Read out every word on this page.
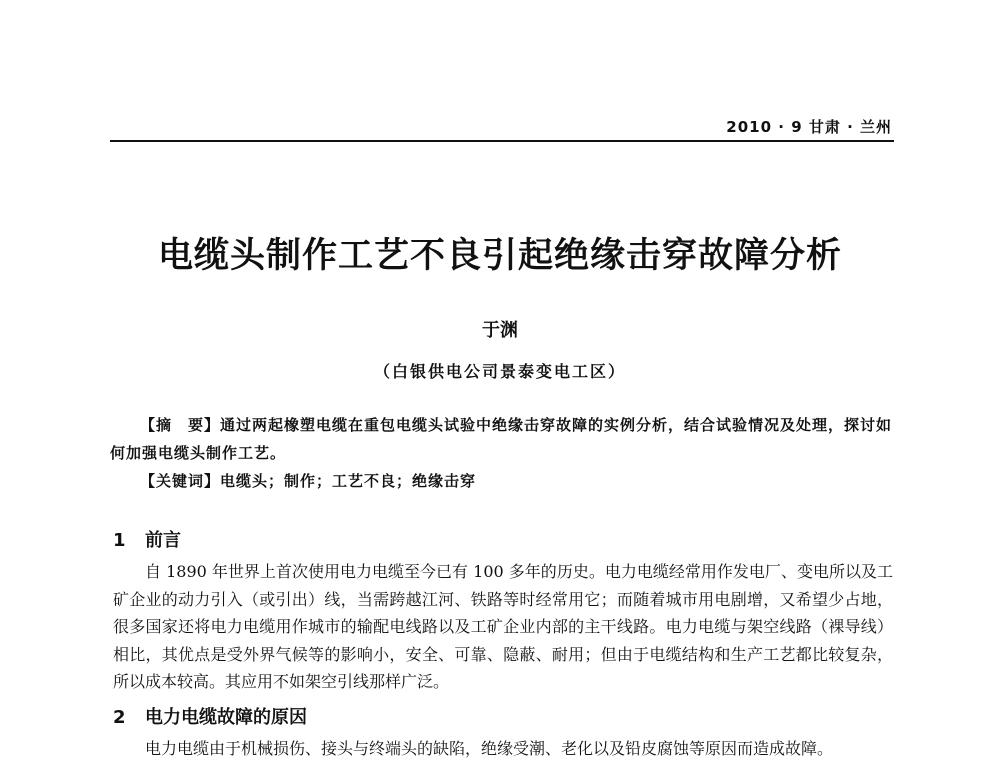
2010 · 9 甘肃 · 兰州
电缆头制作工艺不良引起绝缘击穿故障分析
于渊
（白银供电公司景泰变电工区）

【摘　要】通过两起橡塑电缆在重包电缆头试验中绝缘击穿故障的实例分析，结合试验情况及处理，探讨如何加强电缆头制作工艺。

【关键词】电缆头；制作；工艺不良；绝缘击穿

1 前言

自 1890 年世界上首次使用电力电缆至今已有 100 多年的历史。电力电缆经常用作发电厂、变电所以及工矿企业的动力引入（或引出）线，当需跨越江河、铁路等时经常用它；而随着城市用电剧增，又希望少占地，很多国家还将电力电缆用作城市的输配电线路以及工矿企业内部的主干线路。电力电缆与架空线路（裸导线）相比，其优点是受外界气候等的影响小，安全、可靠、隐蔽、耐用；但由于电缆结构和生产工艺都比较复杂，所以成本较高。其应用不如架空引线那样广泛。

2 电力电缆故障的原因

电力电缆由于机械损伤、接头与终端头的缺陷，绝缘受潮、老化以及铅皮腐蚀等原因而造成故障。
